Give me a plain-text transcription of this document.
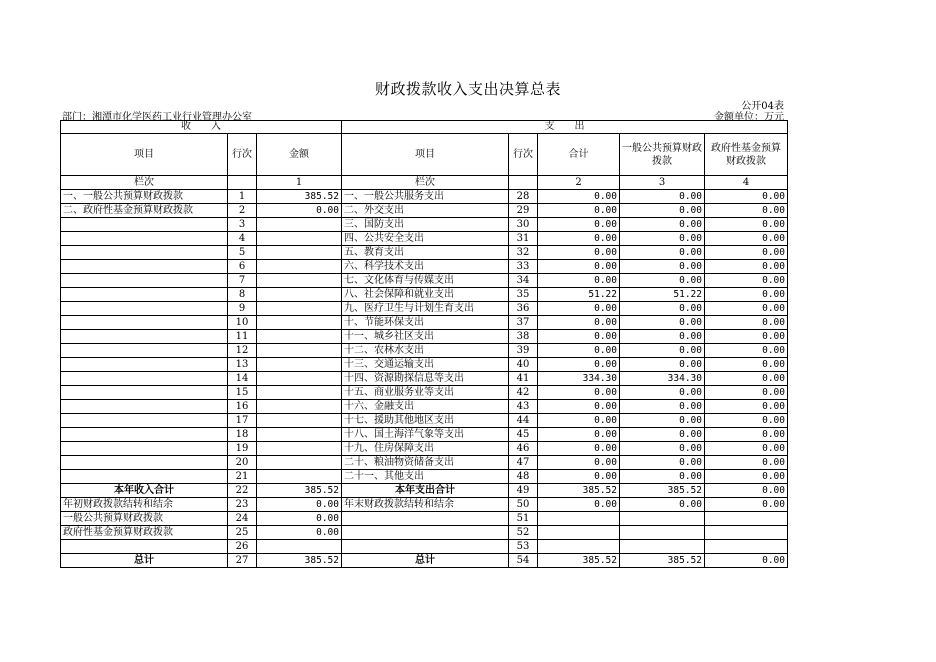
财政拨款收入支出决算总表
公开04表
部门：湘潭市化学医药工业行业管理办公室	金额单位：万元
收　　入			支　　出				
项目	行次	金额	项目	行次	合计	一般公共预算财政拨款	政府性基金预算财政拨款
栏次		1	栏次		2	3	4
一、一般公共预算财政拨款	1	385.52	一、一般公共服务支出	28	0.00	0.00	0.00
二、政府性基金预算财政拨款	2	0.00	二、外交支出	29	0.00	0.00	0.00
	3		三、国防支出	30	0.00	0.00	0.00
	4		四、公共安全支出	31	0.00	0.00	0.00
	5		五、教育支出	32	0.00	0.00	0.00
	6		六、科学技术支出	33	0.00	0.00	0.00
	7		七、文化体育与传媒支出	34	0.00	0.00	0.00
	8		八、社会保障和就业支出	35	51.22	51.22	0.00
	9		九、医疗卫生与计划生育支出	36	0.00	0.00	0.00
	10		十、节能环保支出	37	0.00	0.00	0.00
	11		十一、城乡社区支出	38	0.00	0.00	0.00
	12		十二、农林水支出	39	0.00	0.00	0.00
	13		十三、交通运输支出	40	0.00	0.00	0.00
	14		十四、资源勘探信息等支出	41	334.30	334.30	0.00
	15		十五、商业服务业等支出	42	0.00	0.00	0.00
	16		十六、金融支出	43	0.00	0.00	0.00
	17		十七、援助其他地区支出	44	0.00	0.00	0.00
	18		十八、国土海洋气象等支出	45	0.00	0.00	0.00
	19		十九、住房保障支出	46	0.00	0.00	0.00
	20		二十、粮油物资储备支出	47	0.00	0.00	0.00
	21		二十一、其他支出	48	0.00	0.00	0.00
本年收入合计	22	385.52	本年支出合计	49	385.52	385.52	0.00
年初财政拨款结转和结余	23	0.00	年末财政拨款结转和结余	50	0.00	0.00	0.00
一般公共预算财政拨款	24	0.00		51			
政府性基金预算财政拨款	25	0.00		52			
	26			53			
总计	27	385.52	总计	54	385.52	385.52	0.00
